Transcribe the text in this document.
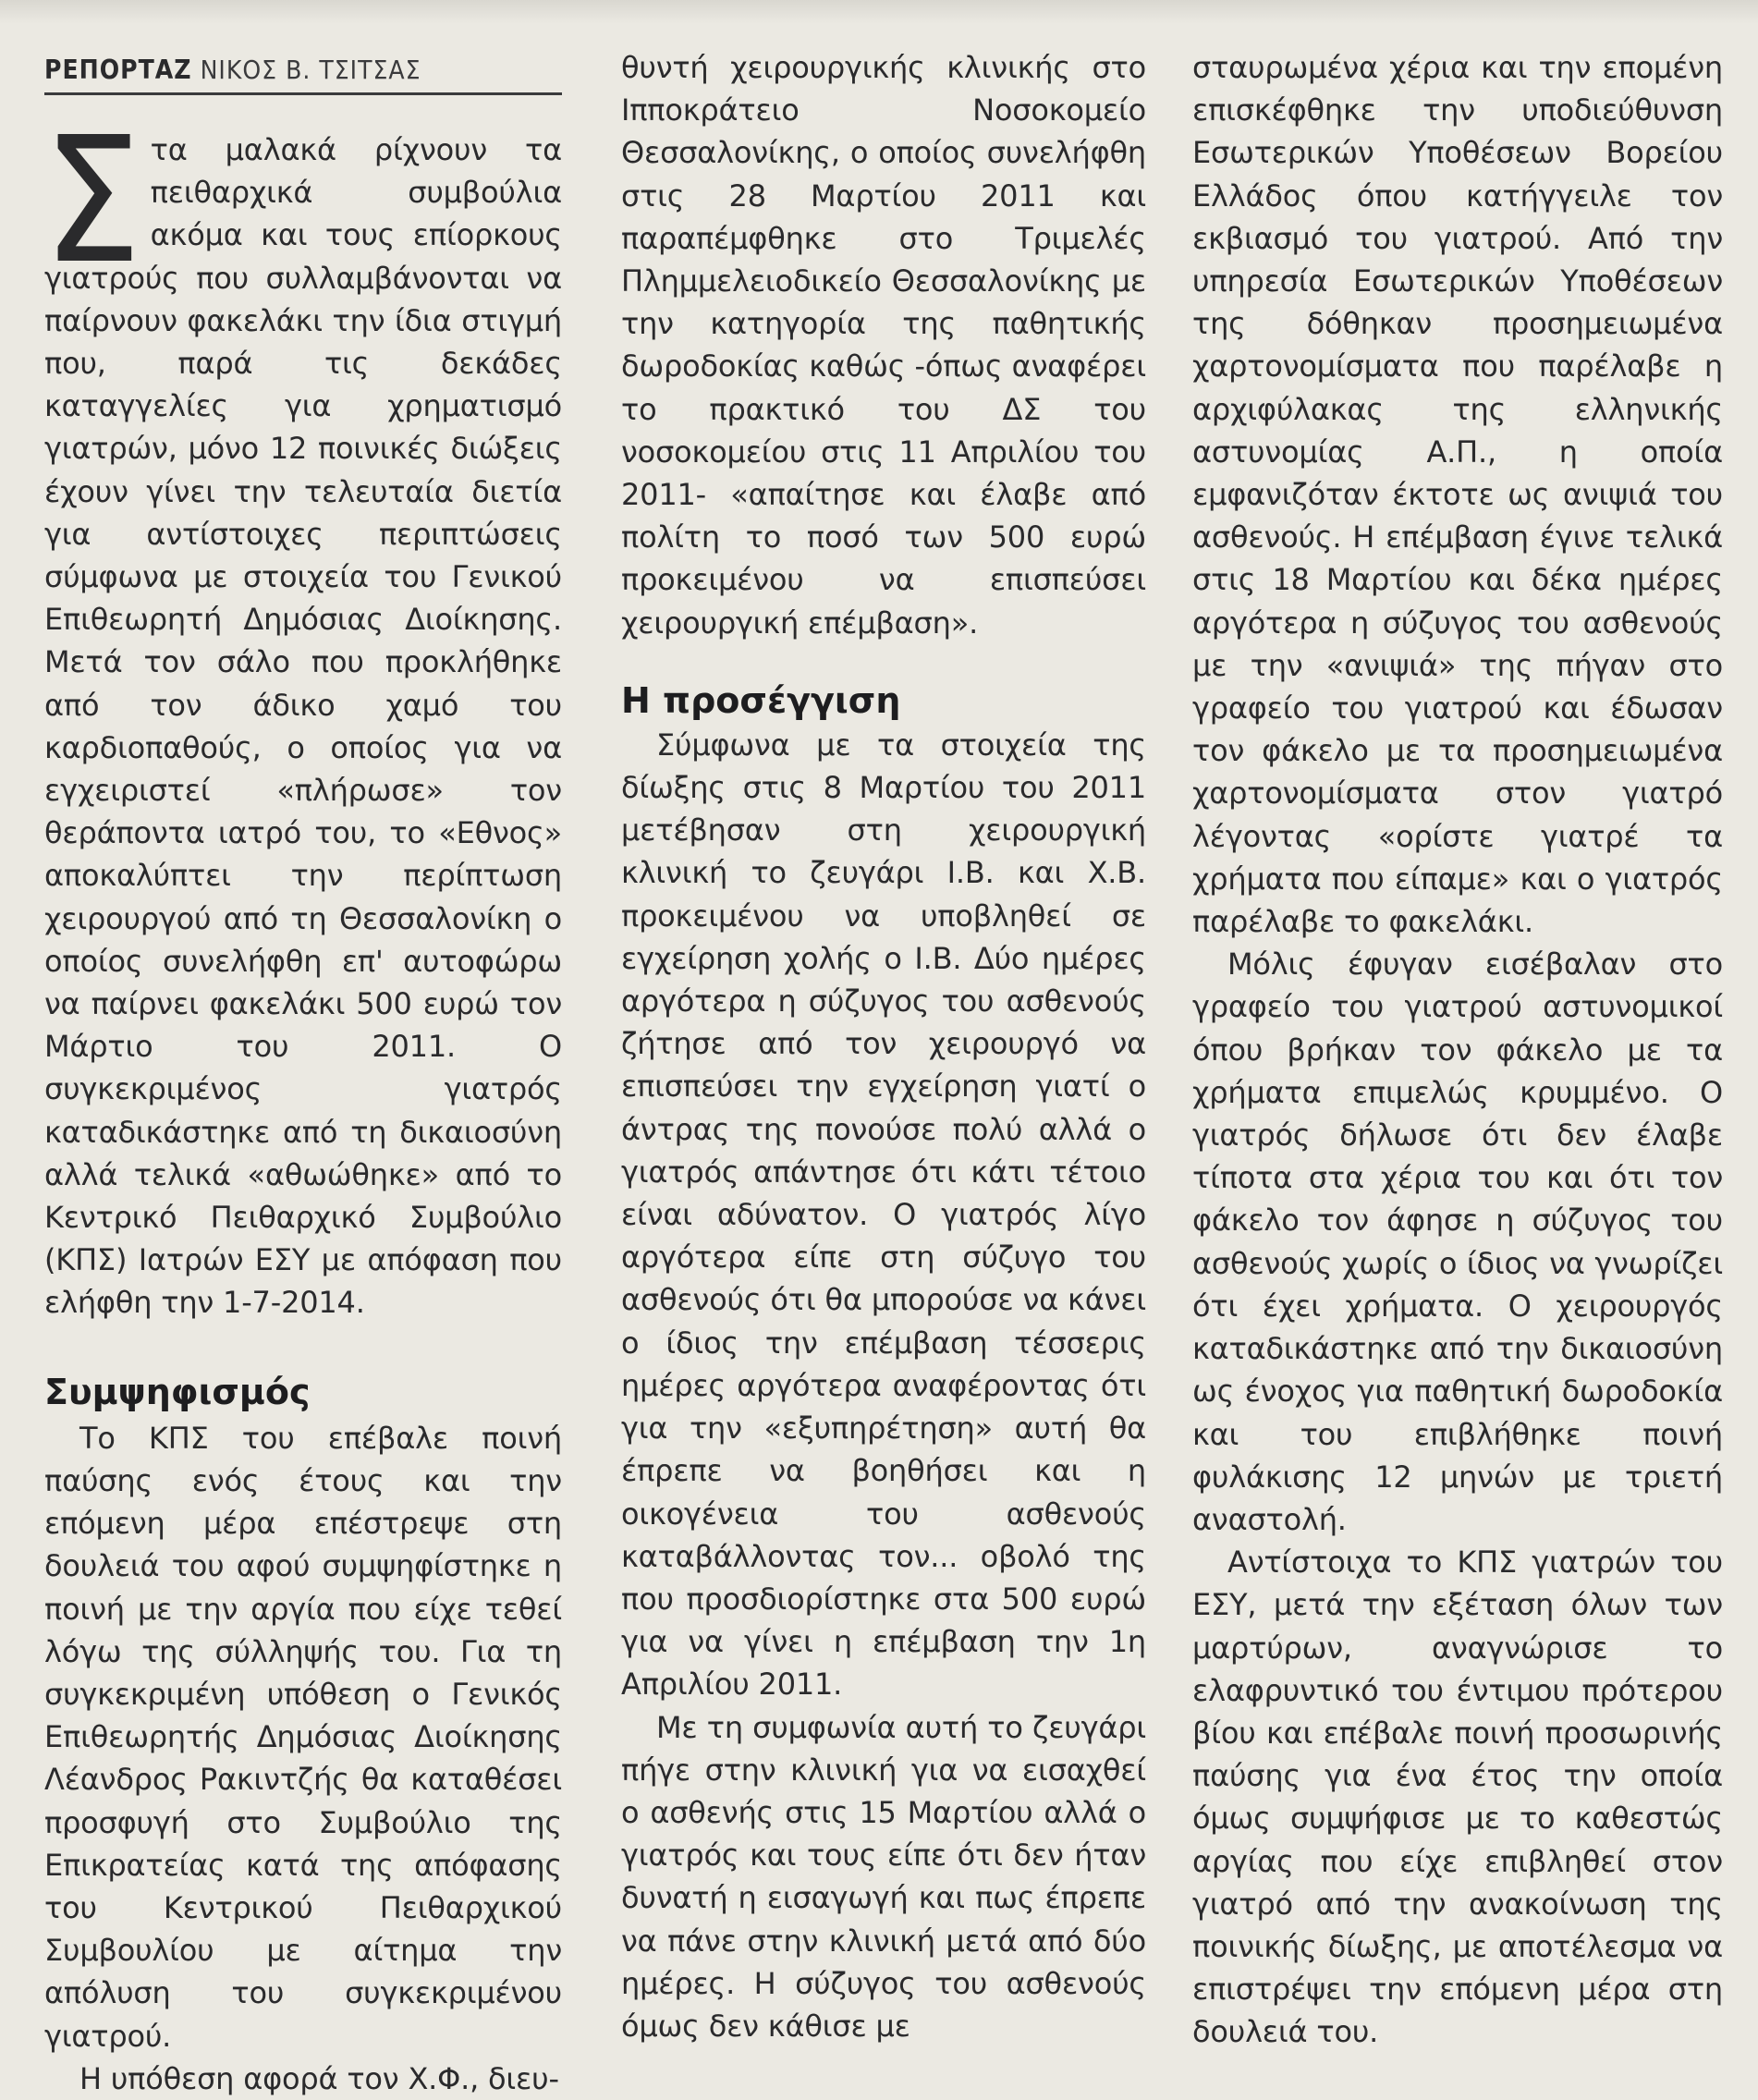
ΡΕΠΟΡΤΑΖ ΝΙΚΟΣ Β. ΤΣΙΤΣΑΣ

Στα μαλακά ρίχνουν τα πειθαρχικά συμβούλια ακόμα και τους επίορκους γιατρούς που συλλαμβάνονται να παίρνουν φακελάκι την ίδια στιγμή που, παρά τις δεκάδες καταγγελίες για χρηματισμό γιατρών, μόνο 12 ποινικές διώξεις έχουν γίνει την τελευταία διετία για αντίστοιχες περιπτώσεις σύμφωνα με στοιχεία του Γενικού Επιθεωρητή Δημόσιας Διοίκησης. Μετά τον σάλο που προκλήθηκε από τον άδικο χαμό του καρδιοπαθούς, ο οποίος για να εγχειριστεί «πλήρωσε» τον θεράποντα ιατρό του, το «Εθνος» αποκαλύπτει την περίπτωση χειρουργού από τη Θεσσαλονίκη ο οποίος συνελήφθη επ' αυτοφώρω να παίρνει φακελάκι 500 ευρώ τον Μάρτιο του 2011. Ο συγκεκριμένος γιατρός καταδικάστηκε από τη δικαιοσύνη αλλά τελικά «αθωώθηκε» από το Κεντρικό Πειθαρχικό Συμβούλιο (ΚΠΣ) Ιατρών ΕΣΥ με απόφαση που ελήφθη την 1-7-2014.

Συμψηφισμός

Το ΚΠΣ του επέβαλε ποινή παύσης ενός έτους και την επόμενη μέρα επέστρεψε στη δουλειά του αφού συμψηφίστηκε η ποινή με την αργία που είχε τεθεί λόγω της σύλληψής του. Για τη συγκεκριμένη υπόθεση ο Γενικός Επιθεωρητής Δημόσιας Διοίκησης Λέανδρος Ρακιντζής θα καταθέσει προσφυγή στο Συμβούλιο της Επικρατείας κατά της απόφασης του Κεντρικού Πειθαρχικού Συμβουλίου με αίτημα την απόλυση του συγκεκριμένου γιατρού.

Η υπόθεση αφορά τον Χ.Φ., διευ-

θυντή χειρουργικής κλινικής στο Ιπποκράτειο Νοσοκομείο Θεσσαλονίκης, ο οποίος συνελήφθη στις 28 Μαρτίου 2011 και παραπέμφθηκε στο Τριμελές Πλημμελειοδικείο Θεσσαλονίκης με την κατηγορία της παθητικής δωροδοκίας καθώς -όπως αναφέρει το πρακτικό του ΔΣ του νοσοκομείου στις 11 Απριλίου του 2011- «απαίτησε και έλαβε από πολίτη το ποσό των 500 ευρώ προκειμένου να επισπεύσει χειρουργική επέμβαση».

Η προσέγγιση

Σύμφωνα με τα στοιχεία της δίωξης στις 8 Μαρτίου του 2011 μετέβησαν στη χειρουργική κλινική το ζευγάρι Ι.Β. και Χ.Β. προκειμένου να υποβληθεί σε εγχείρηση χολής ο Ι.Β. Δύο ημέρες αργότερα η σύζυγος του ασθενούς ζήτησε από τον χειρουργό να επισπεύσει την εγχείρηση γιατί ο άντρας της πονούσε πολύ αλλά ο γιατρός απάντησε ότι κάτι τέτοιο είναι αδύνατον. Ο γιατρός λίγο αργότερα είπε στη σύζυγο του ασθενούς ότι θα μπορούσε να κάνει ο ίδιος την επέμβαση τέσσερις ημέρες αργότερα αναφέροντας ότι για την «εξυπηρέτηση» αυτή θα έπρεπε να βοηθήσει και η οικογένεια του ασθενούς καταβάλλοντας τον... οβολό της που προσδιορίστηκε στα 500 ευρώ για να γίνει η επέμβαση την 1η Απριλίου 2011.

Με τη συμφωνία αυτή το ζευγάρι πήγε στην κλινική για να εισαχθεί ο ασθενής στις 15 Μαρτίου αλλά ο γιατρός και τους είπε ότι δεν ήταν δυνατή η εισαγωγή και πως έπρεπε να πάνε στην κλινική μετά από δύο ημέρες. Η σύζυγος του ασθενούς όμως δεν κάθισε με

σταυρωμένα χέρια και την επομένη επισκέφθηκε την υποδιεύθυνση Εσωτερικών Υποθέσεων Βορείου Ελλάδος όπου κατήγγειλε τον εκβιασμό του γιατρού. Από την υπηρεσία Εσωτερικών Υποθέσεων της δόθηκαν προσημειωμένα χαρτονομίσματα που παρέλαβε η αρχιφύλακας της ελληνικής αστυνομίας Α.Π., η οποία εμφανιζόταν έκτοτε ως ανιψιά του ασθενούς. Η επέμβαση έγινε τελικά στις 18 Μαρτίου και δέκα ημέρες αργότερα η σύζυγος του ασθενούς με την «ανιψιά» της πήγαν στο γραφείο του γιατρού και έδωσαν τον φάκελο με τα προσημειωμένα χαρτονομίσματα στον γιατρό λέγοντας «ορίστε γιατρέ τα χρήματα που είπαμε» και ο γιατρός παρέλαβε το φακελάκι.

Μόλις έφυγαν εισέβαλαν στο γραφείο του γιατρού αστυνομικοί όπου βρήκαν τον φάκελο με τα χρήματα επιμελώς κρυμμένο. Ο γιατρός δήλωσε ότι δεν έλαβε τίποτα στα χέρια του και ότι τον φάκελο τον άφησε η σύζυγος του ασθενούς χωρίς ο ίδιος να γνωρίζει ότι έχει χρήματα. Ο χειρουργός καταδικάστηκε από την δικαιοσύνη ως ένοχος για παθητική δωροδοκία και του επιβλήθηκε ποινή φυλάκισης 12 μηνών με τριετή αναστολή.

Αντίστοιχα το ΚΠΣ γιατρών του ΕΣΥ, μετά την εξέταση όλων των μαρτύρων, αναγνώρισε το ελαφρυντικό του έντιμου πρότερου βίου και επέβαλε ποινή προσωρινής παύσης για ένα έτος την οποία όμως συμψήφισε με το καθεστώς αργίας που είχε επιβληθεί στον γιατρό από την ανακοίνωση της ποινικής δίωξης, με αποτέλεσμα να επιστρέψει την επόμενη μέρα στη δουλειά του.
